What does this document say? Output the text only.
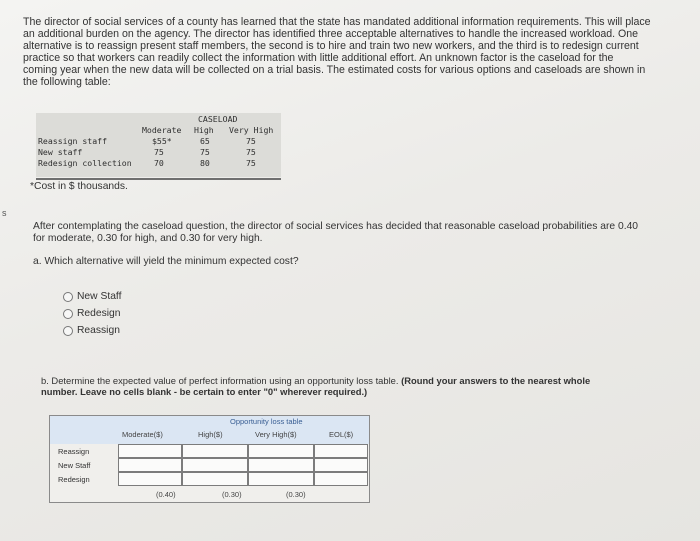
The director of social services of a county has learned that the state has mandated additional information requirements. This will place
an additional burden on the agency. The director has identified three acceptable alternatives to handle the increased workload. One
alternative is to reassign present staff members, the second is to hire and train two new workers, and the third is to redesign current
practice so that workers can readily collect the information with little additional effort. An unknown factor is the caseload for the
coming year when the new data will be collected on a trial basis. The estimated costs for various options and caseloads are shown in
the following table:
CASELOAD
Moderate High Very High
Reassign staff	$55*	65	75
New staff	75	75	75
Redesign collection	70	80	75
*Cost in $ thousands.
s
After contemplating the caseload question, the director of social services has decided that reasonable caseload probabilities are 0.40
for moderate, 0.30 for high, and 0.30 for very high.
a. Which alternative will yield the minimum expected cost?
New Staff
Redesign
Reassign
b. Determine the expected value of perfect information using an opportunity loss table. (Round your answers to the nearest whole
number. Leave no cells blank - be certain to enter "0" wherever required.)
Opportunity loss table
Moderate($)	High($)	Very High($)	EOL($)
Reassign
New Staff
Redesign
(0.40)	(0.30)	(0.30)
